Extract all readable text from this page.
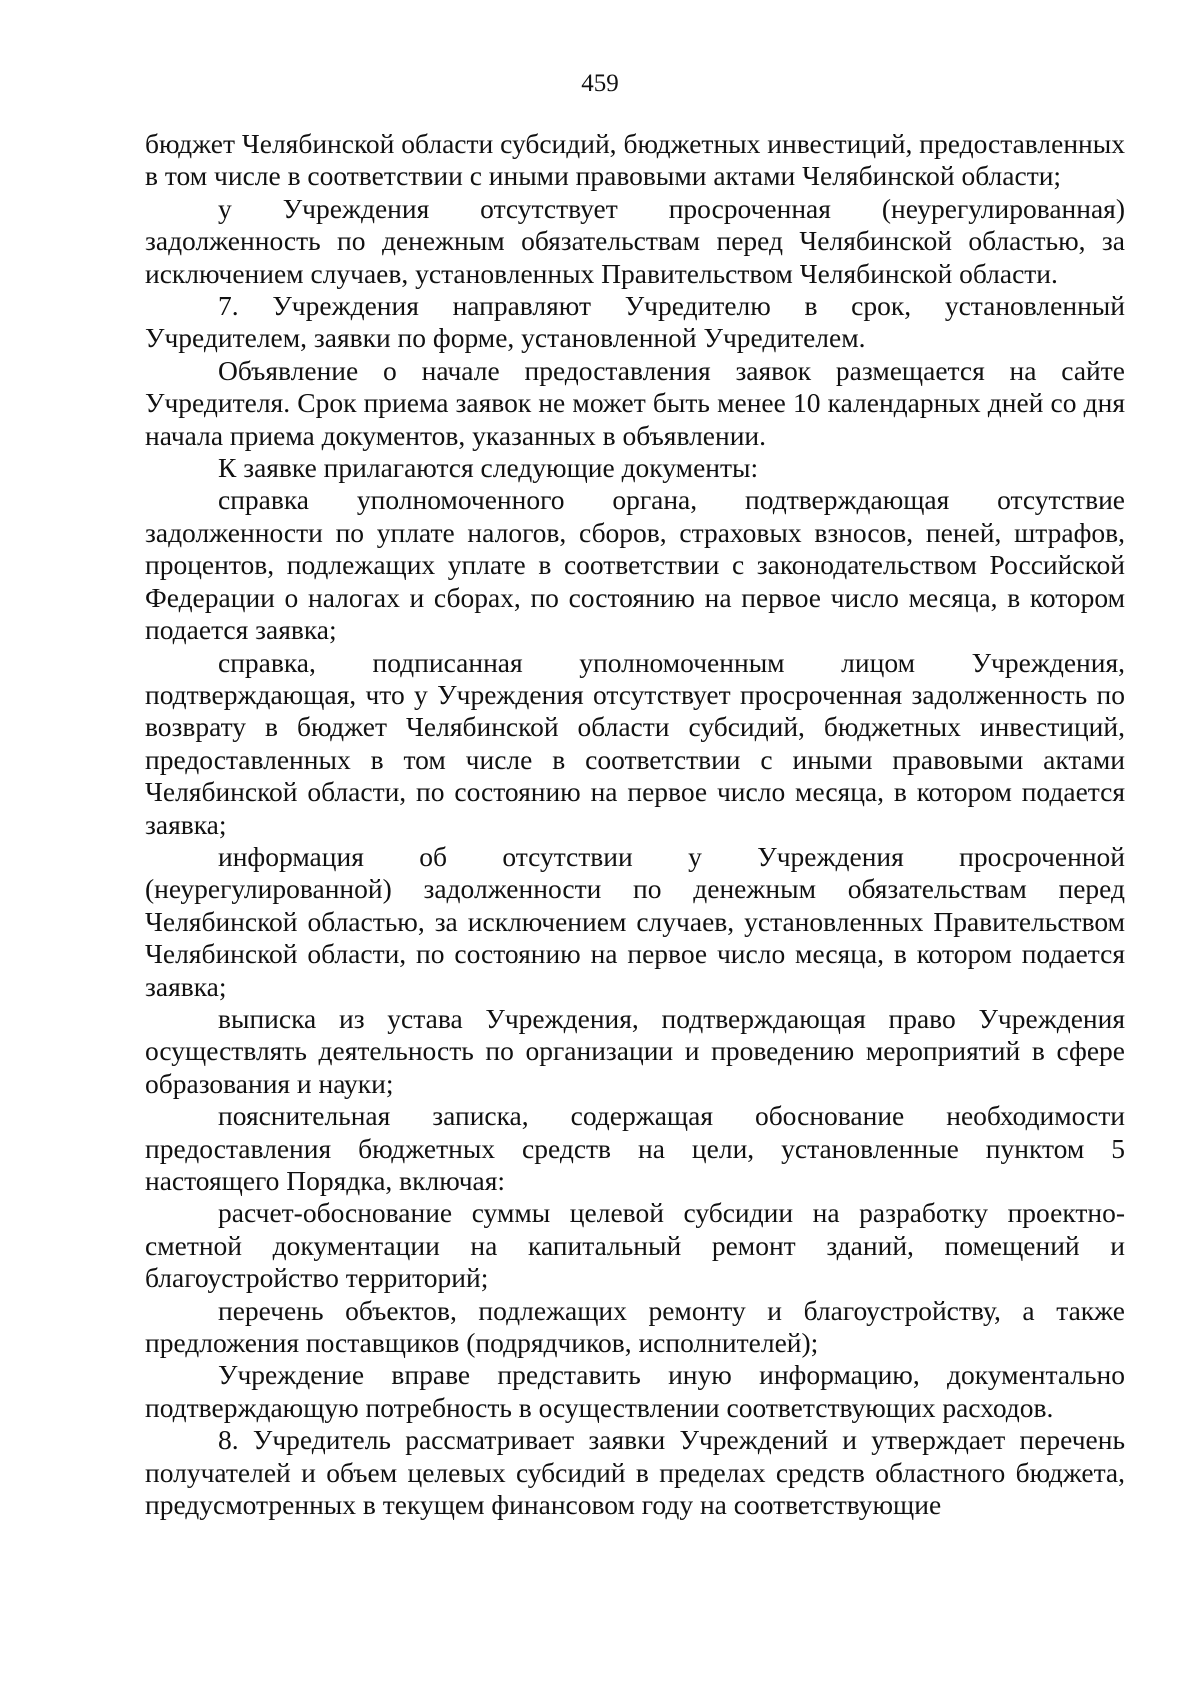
459

бюджет Челябинской области субсидий, бюджетных инвестиций, предоставленных в том числе в соответствии с иными правовыми актами Челябинской области;

у Учреждения отсутствует просроченная (неурегулированная) задолженность по денежным обязательствам перед Челябинской областью, за исключением случаев, установленных Правительством Челябинской области.

7. Учреждения направляют Учредителю в срок, установленный Учредителем, заявки по форме, установленной Учредителем.

Объявление о начале предоставления заявок размещается на сайте Учредителя. Срок приема заявок не может быть менее 10 календарных дней со дня начала приема документов, указанных в объявлении.

К заявке прилагаются следующие документы:

справка уполномоченного органа, подтверждающая отсутствие задолженности по уплате налогов, сборов, страховых взносов, пеней, штрафов, процентов, подлежащих уплате в соответствии с законодательством Российской Федерации о налогах и сборах, по состоянию на первое число месяца, в котором подается заявка;

справка, подписанная уполномоченным лицом Учреждения, подтверждающая, что у Учреждения отсутствует просроченная задолженность по возврату в бюджет Челябинской области субсидий, бюджетных инвестиций, предоставленных в том числе в соответствии с иными правовыми актами Челябинской области, по состоянию на первое число месяца, в котором подается заявка;

информация об отсутствии у Учреждения просроченной (неурегулированной) задолженности по денежным обязательствам перед Челябинской областью, за исключением случаев, установленных Правительством Челябинской области, по состоянию на первое число месяца, в котором подается заявка;

выписка из устава Учреждения, подтверждающая право Учреждения осуществлять деятельность по организации и проведению мероприятий в сфере образования и науки;

пояснительная записка, содержащая обоснование необходимости предоставления бюджетных средств на цели, установленные пунктом 5 настоящего Порядка, включая:

расчет-обоснование суммы целевой субсидии на разработку проектно-сметной документации на капитальный ремонт зданий, помещений и благоустройство территорий;

перечень объектов, подлежащих ремонту и благоустройству, а также предложения поставщиков (подрядчиков, исполнителей);

Учреждение вправе представить иную информацию, документально подтверждающую потребность в осуществлении соответствующих расходов.

8. Учредитель рассматривает заявки Учреждений и утверждает перечень получателей и объем целевых субсидий в пределах средств областного бюджета, предусмотренных в текущем финансовом году на соответствующие
